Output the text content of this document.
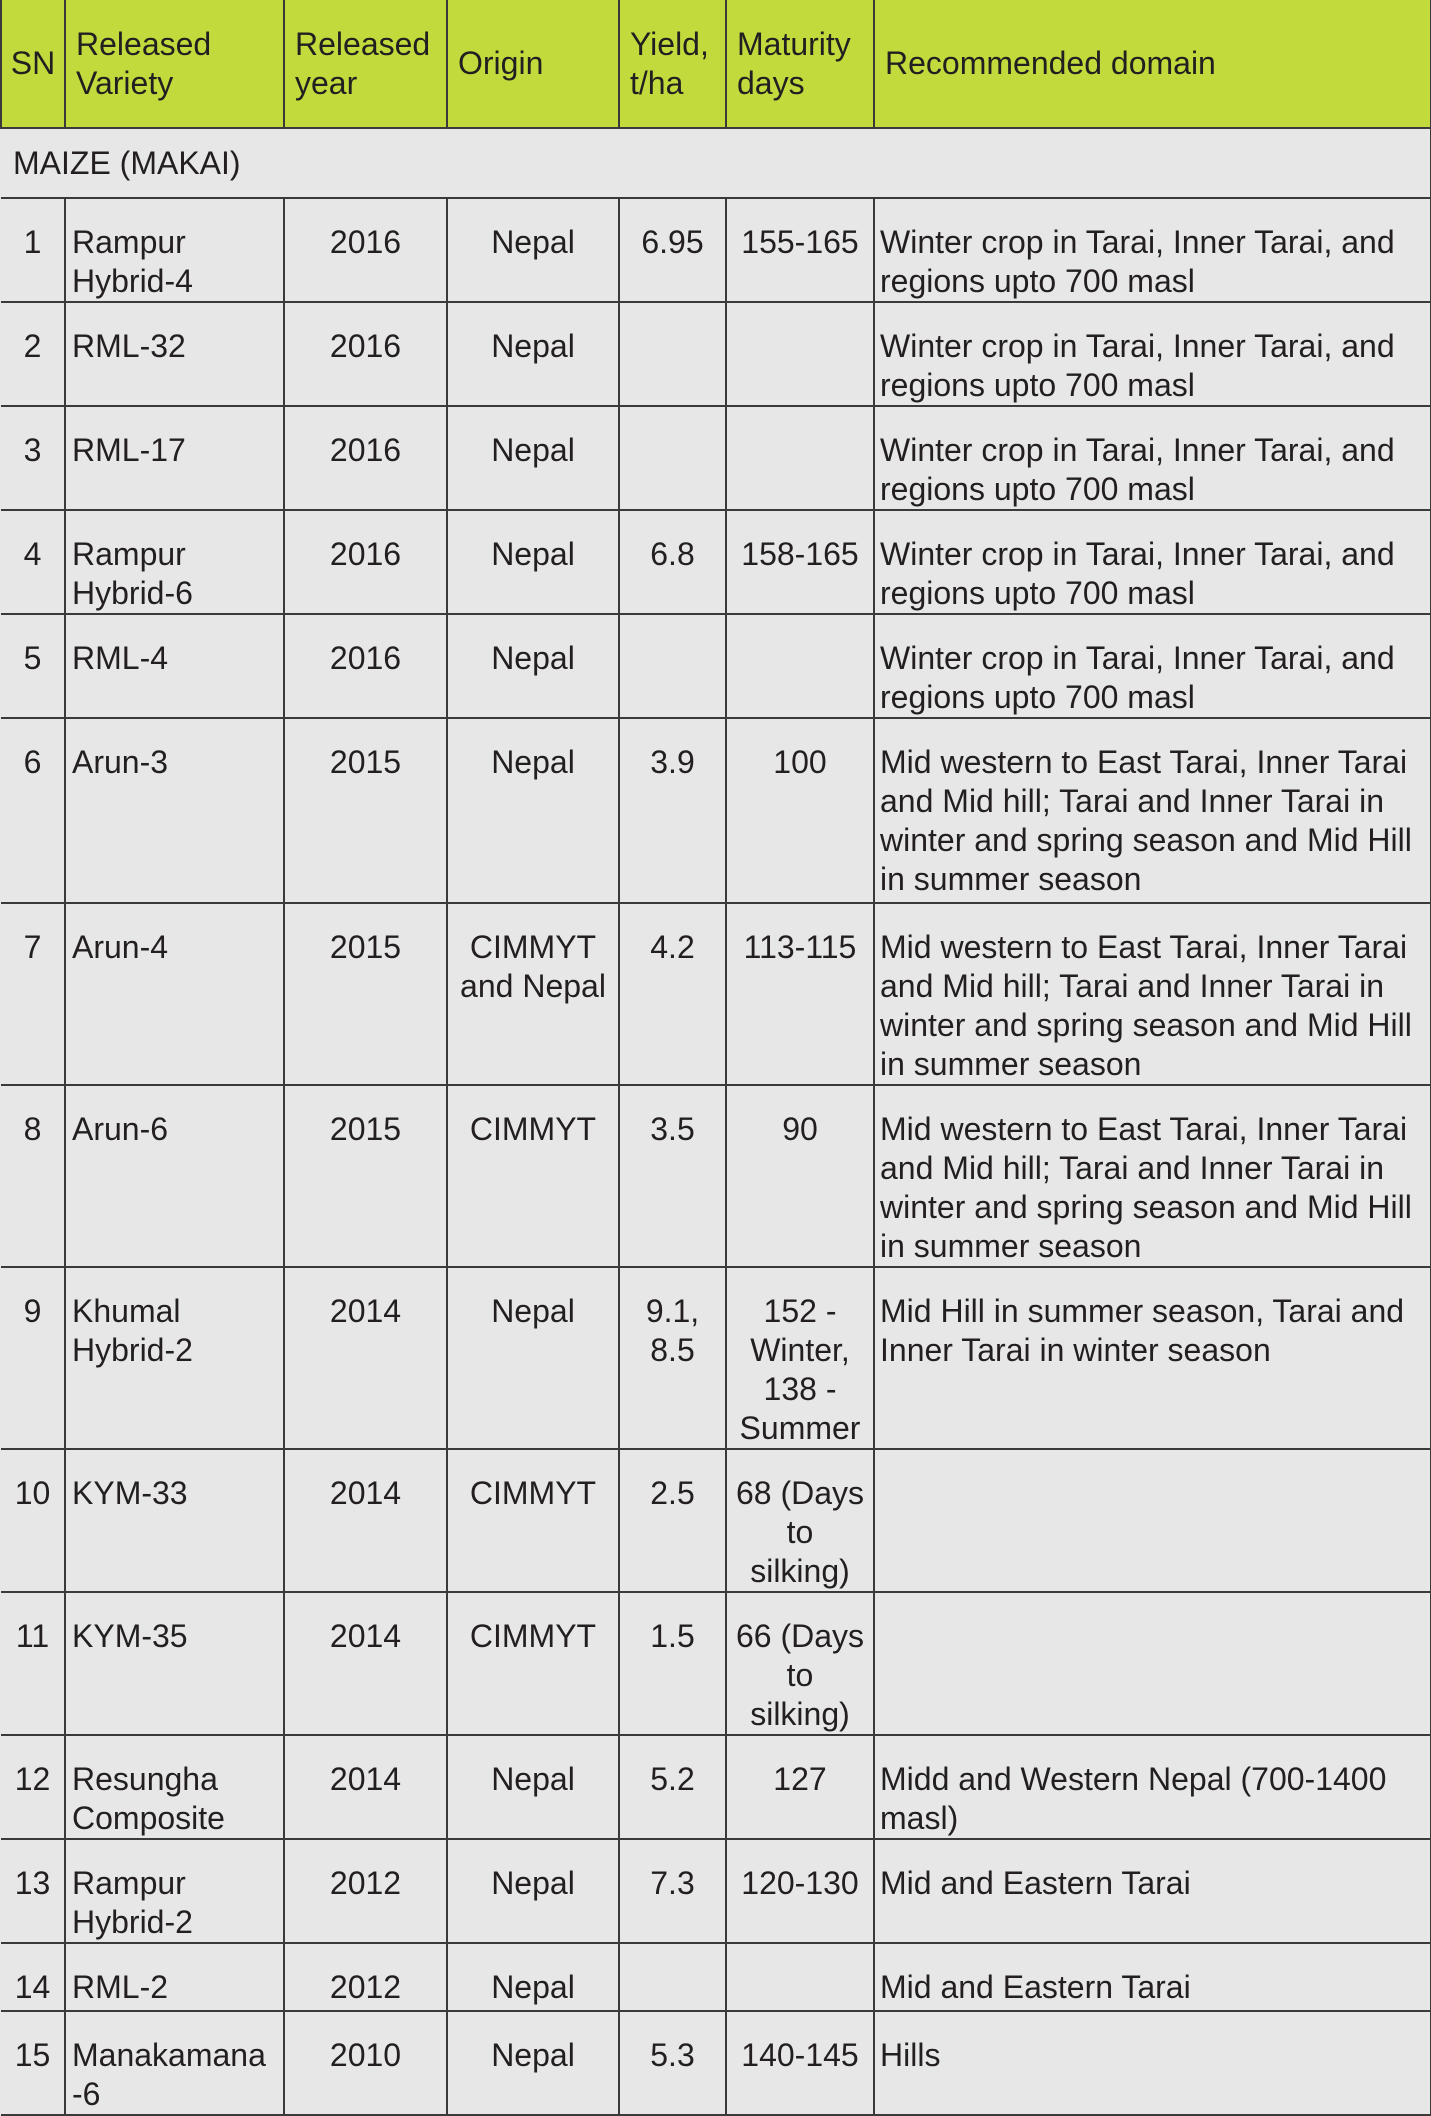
SN	Released Variety	Released year	Origin	Yield, t/ha	Maturity days	Recommended domain
MAIZE (MAKAI)						
1	Rampur Hybrid-4	2016	Nepal	6.95	155-165	Winter crop in Tarai, Inner Tarai, and regions upto 700 masl
2	RML-32	2016	Nepal			Winter crop in Tarai, Inner Tarai, and regions upto 700 masl
3	RML-17	2016	Nepal			Winter crop in Tarai, Inner Tarai, and regions upto 700 masl
4	Rampur Hybrid-6	2016	Nepal	6.8	158-165	Winter crop in Tarai, Inner Tarai, and regions upto 700 masl
5	RML-4	2016	Nepal			Winter crop in Tarai, Inner Tarai, and regions upto 700 masl
6	Arun-3	2015	Nepal	3.9	100	Mid western to East Tarai, Inner Tarai and Mid hill; Tarai and Inner Tarai in winter and spring season and Mid Hill in summer season
7	Arun-4	2015	CIMMYT and Nepal	4.2	113-115	Mid western to East Tarai, Inner Tarai and Mid hill; Tarai and Inner Tarai in winter and spring season and Mid Hill in summer season
8	Arun-6	2015	CIMMYT	3.5	90	Mid western to East Tarai, Inner Tarai and Mid hill; Tarai and Inner Tarai in winter and spring season and Mid Hill in summer season
9	Khumal Hybrid-2	2014	Nepal	9.1, 8.5	152 - Winter, 138 - Summer	Mid Hill in summer season, Tarai and Inner Tarai in winter season
10	KYM-33	2014	CIMMYT	2.5	68 (Days to silking)	
11	KYM-35	2014	CIMMYT	1.5	66 (Days to silking)	
12	Resungha Composite	2014	Nepal	5.2	127	Midd and Western Nepal (700-1400 masl)
13	Rampur Hybrid-2	2012	Nepal	7.3	120-130	Mid and Eastern Tarai
14	RML-2	2012	Nepal			Mid and Eastern Tarai
15	Manakamana -6	2010	Nepal	5.3	140-145	Hills
